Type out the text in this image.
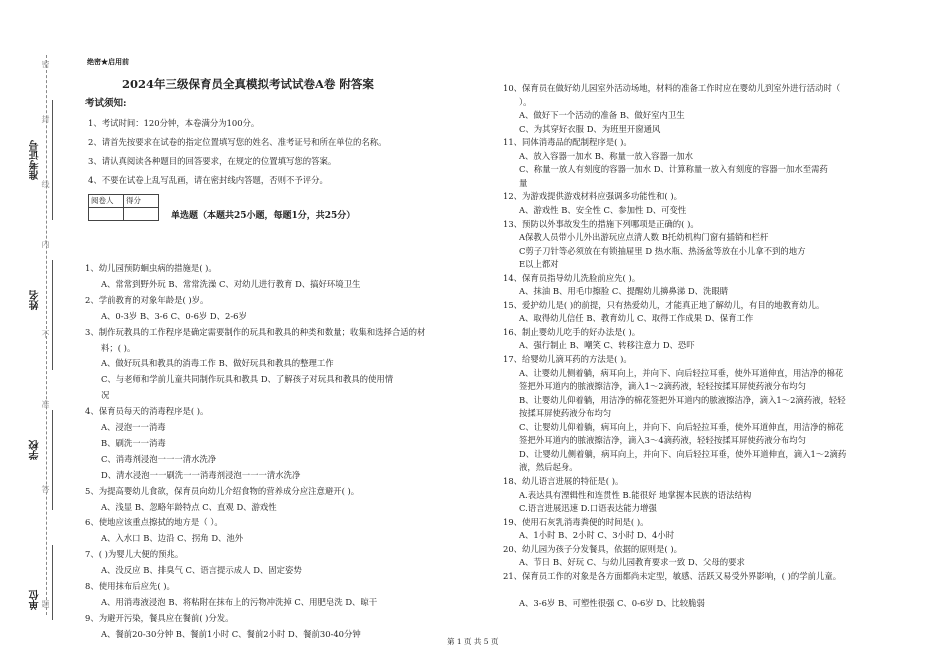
准考证号
姓名
学校
单位
密
封
线
内
不
准
答
题
绝密★启用前
2024年三级保育员全真模拟考试试卷A卷 附答案
考试须知:
1、考试时间：120分钟，本卷满分为100分。
2、请首先按要求在试卷的指定位置填写您的姓名、准考证号和所在单位的名称。
3、请认真阅读各种题目的回答要求，在规定的位置填写您的答案。
4、不要在试卷上乱写乱画，请在密封线内答题，否则不予评分。
阅卷人	得分

单选题（本题共25小题，每题1分，共25分）
1、幼儿园预防蛔虫病的措施是( )。
A、常常到野外玩 B、常常洗澡 C、对幼儿进行教育 D、搞好环境卫生
2、学前教育的对象年龄是( )岁。
A、0-3岁 B、3-6 C、0-6岁 D、2-6岁
3、制作玩教具的工作程序是确定需要制作的玩具和教具的种类和数量；收集和选择合适的材
料；( )。
A、做好玩具和教具的消毒工作 B、做好玩具和教具的整理工作
C、与老师和学前儿童共同制作玩具和教具 D、了解孩子对玩具和教具的使用情
况
4、保育员每天的消毒程序是( )。
A、浸泡一一消毒
B、刷洗一一消毒
C、消毒剂浸泡一一一清水洗净
D、清水浸泡一一刷洗一一消毒剂浸泡一一一清水洗净
5、为提高婴幼儿食欲，保育员向幼儿介绍食物的营养成分应注意避开( )。
A、浅显 B、忽略年龄特点 C、直观 D、游戏性
6、使地应该重点擦拭的地方是（ ）。
A、入水口 B、边沿 C、拐角 D、池外
7、( )为婴儿大便的预兆。
A、没反应 B、排臭气 C、语言提示成人 D、固定姿势
8、使用抹布后应先( )。
A、用消毒液浸泡 B、将粘附在抹布上的污物冲洗掉 C、用肥皂洗 D、晾干
9、为避开污染，餐具应在餐前( )分发。
A、餐前20-30分钟 B、餐前1小时 C、餐前2小时 D、餐前30-40分钟
10、保育员在做好幼儿园室外活动场地，材料的准备工作时应在婴幼儿到室外进行活动时（
）。
A、做好下一个活动的准备 B、做好室内卫生
C、为其穿好衣服 D、为班里开窗通风
11、同体消毒品的配制程序是( )。
A、放入容器一加水 B、称量一放入容器一加水
C、称量一放人有刻度的容器一加水 D、计算称量一放入有刻度的容器一加水至需药
量
12、为游戏提供游戏材料应强调多功能性和( )。
A、游戏性 B、安全性 C、参加性 D、可变性
13、预防以外事故发生的措施下列哪项是正确的( )。
A保教人员带小儿外出游玩应点清人数 B托幼机构门窗有插销和栏杆
C剪子刀针等必须放在有锁抽屉里 D 热水瓶、热汤盆等放在小儿拿不到的地方
E以上都对
14、保育员指导幼儿洗脸前应先( )。
A、抹油 B、用毛巾擦脸 C、提醒幼儿擤鼻涕 D、洗眼睛
15、爱护幼儿是( )的前提，只有热爱幼儿，才能真正地了解幼儿，有目的地教育幼儿。
A、取得幼儿信任 B、教育幼儿 C、取得工作成果 D、保育工作
16、制止婴幼儿吃手的好办法是( )。
A、强行制止 B、嘲笑 C、转移注意力 D、恐吓
17、给婴幼儿滴耳药的方法是( )。
A、让婴幼儿侧着躺，病耳向上，并向下、向后轻拉耳垂，使外耳道伸直，用洁净的棉花
签把外耳道内的脓液擦洁净，滴入1～2滴药液，轻轻按揉耳屏使药液分布均匀
B、让婴幼儿仰着躺，用洁净的棉花签把外耳道内的脓液擦洁净，滴入1～2滴药液，轻轻
按揉耳屏使药液分布均匀
C、让婴幼儿仰着躺，病耳向上，并向下、向后轻拉耳垂，使外耳道伸直，用洁净的棉花
签把外耳道内的脓液擦洁净，滴入3～4滴药液，轻轻按揉耳屏使药液分布均匀
D、让婴幼儿侧着躺，病耳向上，并向下、向后轻拉耳垂，使外耳道伸直，滴入1～2滴药
液，然后起身。
18、幼儿语言进展的特征是( )。
A.表达具有湮辑性和连贯性 B.能很好 地掌握本民族的语法结构
C.语言进展迅速 D.口语表达能力增强
19、使用石灰乳消毒粪便的时间是( )。
A、1小时 B、2小时 C、3小时 D、4小时
20、幼儿园为孩子分发餐具，依据的原则是( )。
A、节日 B、好玩 C、与幼儿园教育要求一致 D、父母的要求
21、保育员工作的对象是各方面都尚未定型，敏感、活跃又易受外界影响，( )的学前儿童。
A、3-6岁 B、可塑性很强 C、0-6岁 D、比较脆弱
第 1 页 共 5 页
